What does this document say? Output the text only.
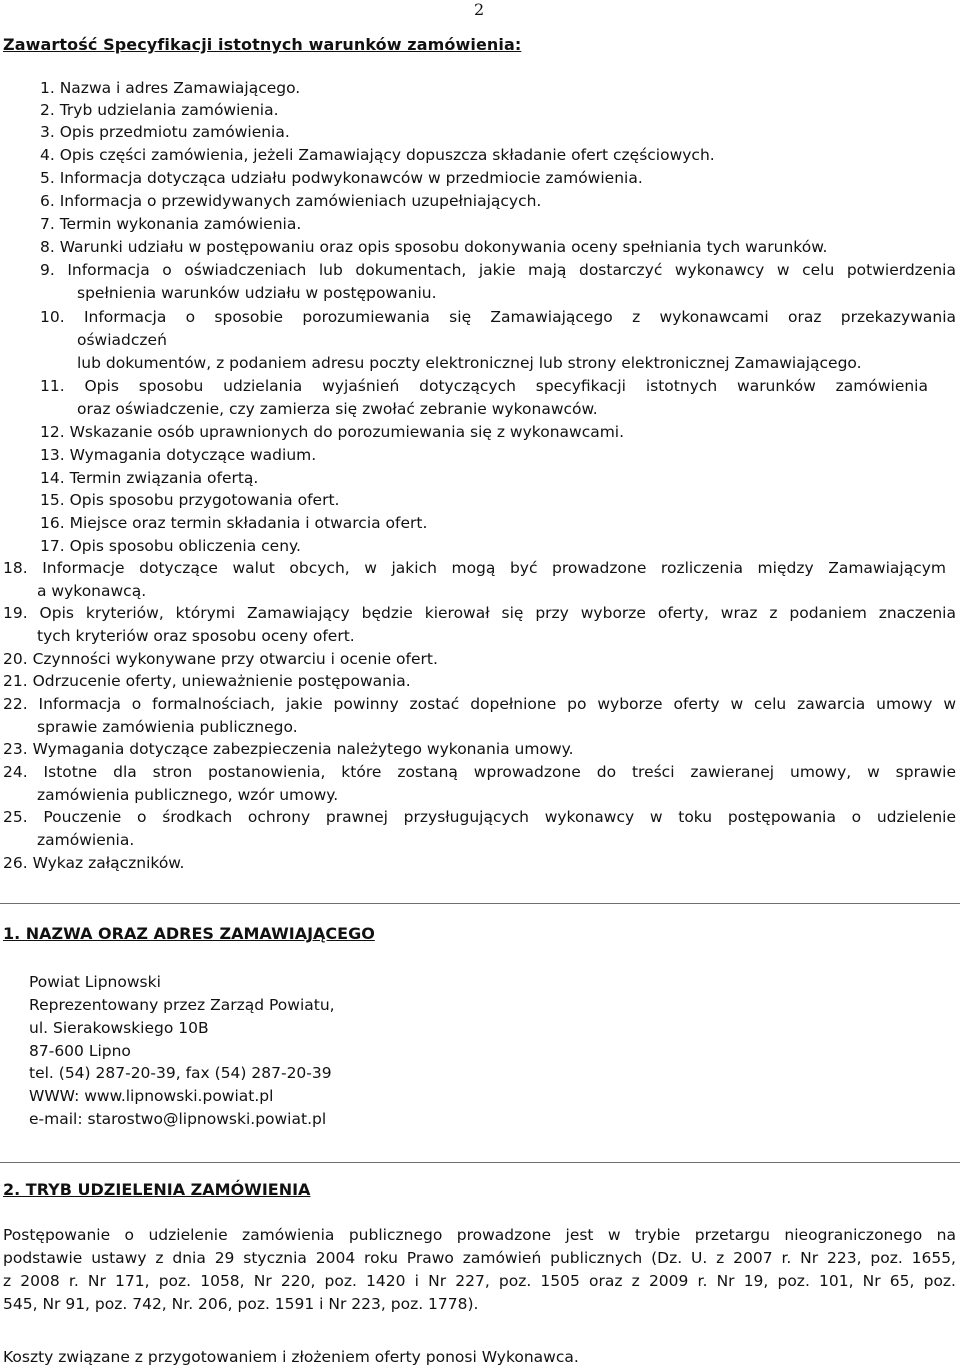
2
Zawartość Specyfikacji istotnych warunków zamówienia:
1. Nazwa i adres Zamawiającego.
2. Tryb udzielania zamówienia.
3. Opis przedmiotu zamówienia.
4. Opis części zamówienia, jeżeli Zamawiający dopuszcza składanie ofert częściowych.
5. Informacja dotycząca udziału podwykonawców w przedmiocie zamówienia.
6. Informacja o przewidywanych zamówieniach uzupełniających.
7. Termin wykonania zamówienia.
8. Warunki udziału w postępowaniu oraz opis sposobu dokonywania oceny spełniania tych warunków.
9. Informacja o oświadczeniach lub dokumentach, jakie mają dostarczyć wykonawcy w celu potwierdzenia
spełnienia warunków udziału w postępowaniu.
10. Informacja o sposobie porozumiewania się Zamawiającego z wykonawcami oraz przekazywania
oświadczeń
lub dokumentów, z podaniem adresu poczty elektronicznej lub strony elektronicznej Zamawiającego.
11. Opis sposobu udzielania wyjaśnień dotyczących specyfikacji istotnych warunków zamówienia
oraz oświadczenie, czy zamierza się zwołać zebranie wykonawców.
12. Wskazanie osób uprawnionych do porozumiewania się z wykonawcami.
13. Wymagania dotyczące wadium.
14. Termin związania ofertą.
15. Opis sposobu przygotowania ofert.
16. Miejsce oraz termin składania i otwarcia ofert.
17. Opis sposobu obliczenia ceny.
18. Informacje dotyczące walut obcych, w jakich mogą być prowadzone rozliczenia między Zamawiającym
a wykonawcą.
19. Opis kryteriów, którymi Zamawiający będzie kierował się przy wyborze oferty, wraz z podaniem znaczenia
tych kryteriów oraz sposobu oceny ofert.
20. Czynności wykonywane przy otwarciu i ocenie ofert.
21. Odrzucenie oferty, unieważnienie postępowania.
22. Informacja o formalnościach, jakie powinny zostać dopełnione po wyborze oferty w celu zawarcia umowy w
sprawie zamówienia publicznego.
23. Wymagania dotyczące zabezpieczenia należytego wykonania umowy.
24. Istotne dla stron postanowienia, które zostaną wprowadzone do treści zawieranej umowy, w sprawie
zamówienia publicznego, wzór umowy.
25. Pouczenie o środkach ochrony prawnej przysługujących wykonawcy w toku postępowania o udzielenie
zamówienia.
26. Wykaz załączników.
1. NAZWA ORAZ ADRES ZAMAWIAJĄCEGO
Powiat Lipnowski
Reprezentowany przez Zarząd Powiatu,
ul. Sierakowskiego 10B
87-600 Lipno
tel. (54) 287-20-39, fax (54) 287-20-39
WWW: www.lipnowski.powiat.pl
e-mail: starostwo@lipnowski.powiat.pl
2. TRYB UDZIELENIA ZAMÓWIENIA
Postępowanie o udzielenie zamówienia publicznego prowadzone jest w trybie przetargu nieograniczonego na
podstawie ustawy z dnia 29 stycznia 2004 roku Prawo zamówień publicznych (Dz. U. z 2007 r. Nr 223, poz. 1655,
z 2008 r. Nr 171, poz. 1058, Nr 220, poz. 1420 i Nr 227, poz. 1505 oraz z 2009 r. Nr 19, poz. 101, Nr 65, poz.
545, Nr 91, poz. 742, Nr. 206, poz. 1591 i Nr 223, poz. 1778).
Koszty związane z przygotowaniem i złożeniem oferty ponosi Wykonawca.
